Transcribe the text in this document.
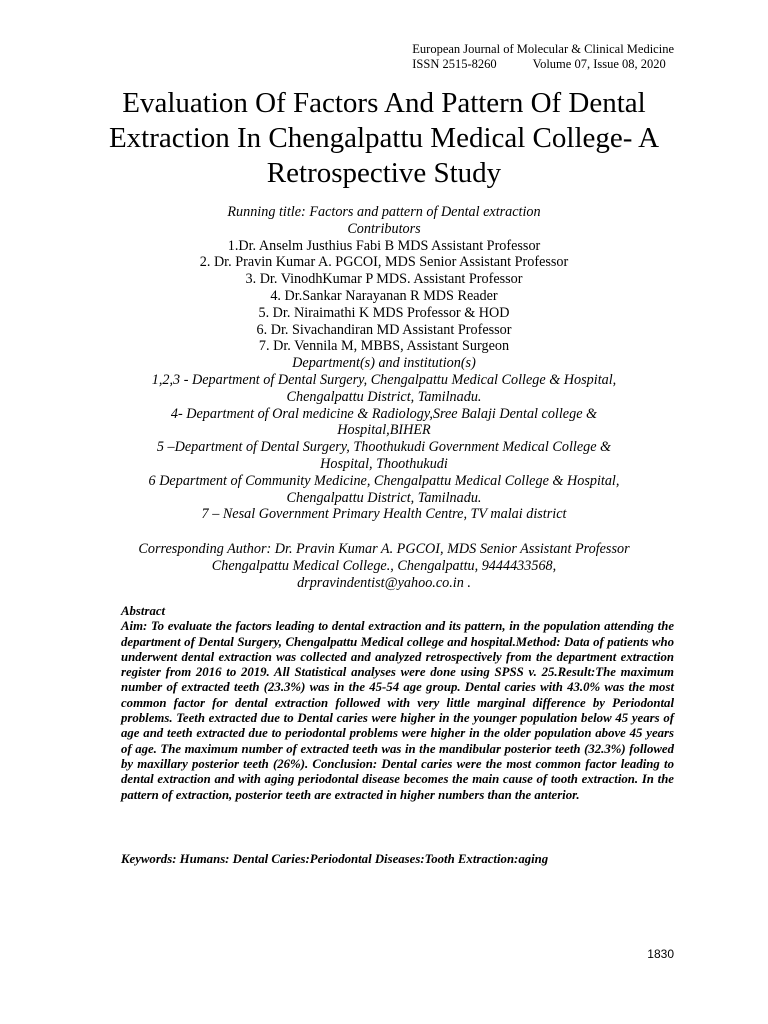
European Journal of Molecular & Clinical Medicine
ISSN 2515-8260	Volume 07, Issue 08, 2020
Evaluation Of Factors And Pattern Of Dental Extraction In Chengalpattu Medical College- A Retrospective Study
Running title: Factors and pattern of Dental extraction
Contributors
1.Dr. Anselm Justhius Fabi B MDS Assistant Professor
2. Dr. Pravin Kumar A. PGCOI, MDS Senior Assistant Professor
3. Dr. VinodhKumar P MDS. Assistant Professor
4. Dr.Sankar Narayanan R MDS Reader
5. Dr. Niraimathi K MDS Professor & HOD
6. Dr. Sivachandiran MD Assistant Professor
7. Dr. Vennila M, MBBS, Assistant Surgeon
Department(s) and institution(s)
1,2,3 - Department of Dental Surgery, Chengalpattu Medical College & Hospital,
Chengalpattu District, Tamilnadu.
4- Department of Oral medicine & Radiology,Sree Balaji Dental college &
Hospital,BIHER
5 –Department of Dental Surgery, Thoothukudi Government Medical College &
Hospital, Thoothukudi
6 Department of Community Medicine, Chengalpattu Medical College & Hospital,
Chengalpattu District, Tamilnadu.
7 – Nesal Government Primary Health Centre, TV malai district
Corresponding Author: Dr. Pravin Kumar A. PGCOI, MDS Senior Assistant Professor
Chengalpattu Medical College., Chengalpattu, 9444433568,
drpravindentist@yahoo.co.in .
Abstract
Aim: To evaluate the factors leading to dental extraction and its pattern, in the population attending the department of Dental Surgery, Chengalpattu Medical college and hospital.Method: Data of patients who underwent dental extraction was collected and analyzed retrospectively from the department extraction register from 2016 to 2019. All Statistical analyses were done using SPSS v. 25.Result:The maximum number of extracted teeth (23.3%) was in the 45-54 age group. Dental caries with 43.0% was the most common factor for dental extraction followed with very little marginal difference by Periodontal problems. Teeth extracted due to Dental caries were higher in the younger population below 45 years of age and teeth extracted due to periodontal problems were higher in the older population above 45 years of age. The maximum number of extracted teeth was in the mandibular posterior teeth (32.3%) followed by maxillary posterior teeth (26%). Conclusion: Dental caries were the most common factor leading to dental extraction and with aging periodontal disease becomes the main cause of tooth extraction. In the pattern of extraction, posterior teeth are extracted in higher numbers than the anterior.
Keywords: Humans: Dental Caries:Periodontal Diseases:Tooth Extraction:aging
1830
